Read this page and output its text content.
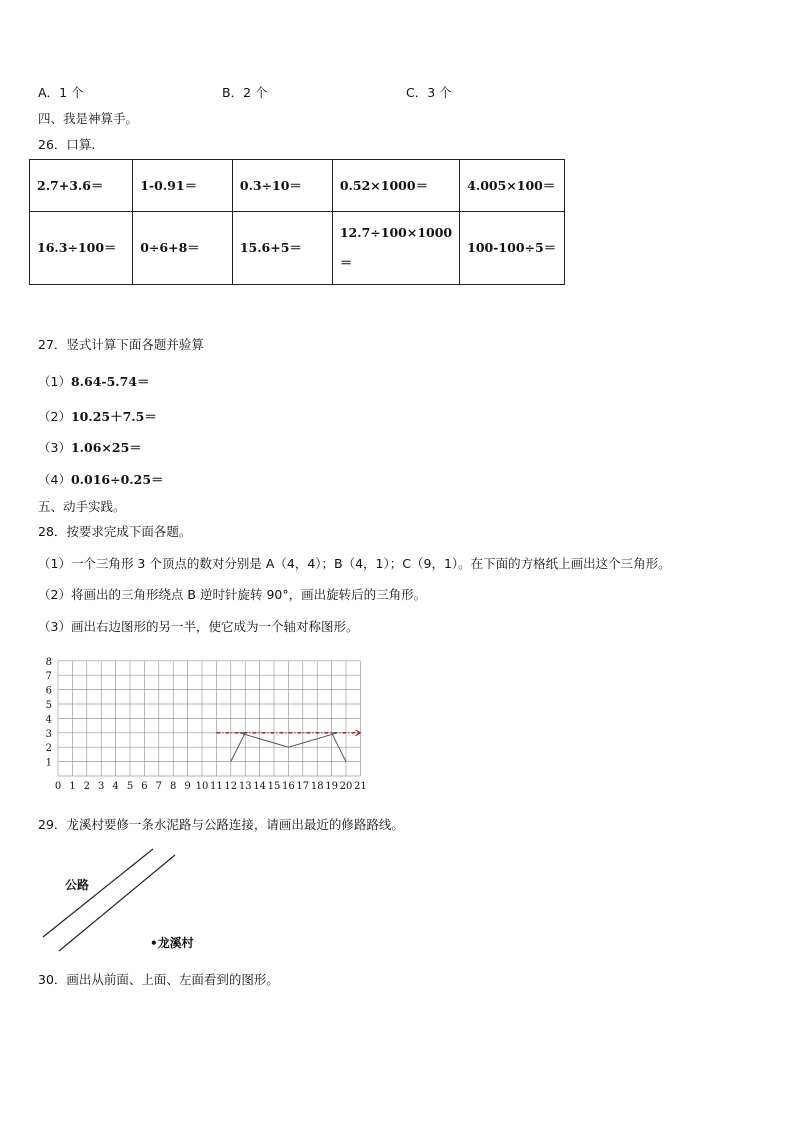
A．1 个	B．2 个	C．3 个
四、我是神算手。
26．口算.
2.7+3.6＝	1-0.91＝	0.3÷10＝	0.52×1000＝	4.005×100＝
16.3÷100＝	0÷6+8＝	15.6+5＝	12.7÷100×1000＝	100-100÷5＝
27．竖式计算下面各题并验算
（1）8.64-5.74＝
（2）10.25＋7.5＝
（3）1.06×25＝
（4）0.016÷0.25＝
五、动手实践。
28．按要求完成下面各题。
（1）一个三角形 3 个顶点的数对分别是 A（4，4）；B（4，1）；C（9，1）。在下面的方格纸上画出这个三角形。
（2）将画出的三角形绕点 B 逆时针旋转 90°，画出旋转后的三角形。
（3）画出右边图形的另一半，使它成为一个轴对称图形。
0 1 2 3 4 5 6 7 8 9 10 11 12 13 14 15 16 17 18 19 20 21
1
2
3
4
5
6
7
8
29．龙溪村要修一条水泥路与公路连接，请画出最近的修路路线。
公路
•龙溪村
30．画出从前面、上面、左面看到的图形。
